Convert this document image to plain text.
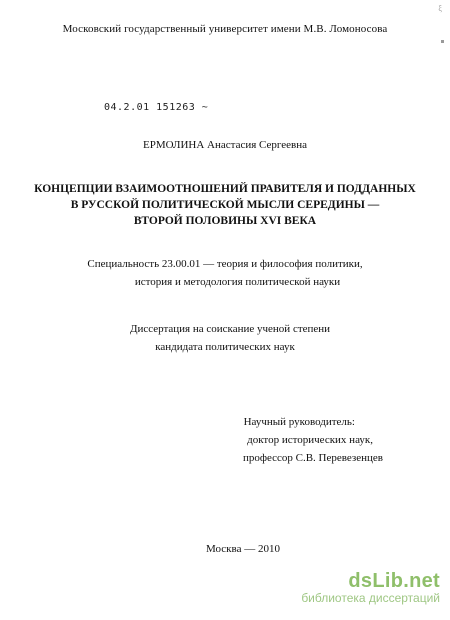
ξ
Московский государственный университет имени М.В. Ломоносова
04.2.01 151263 ~
ЕРМОЛИНА Анастасия Сергеевна
КОНЦЕПЦИИ ВЗАИМООТНОШЕНИЙ ПРАВИТЕЛЯ И ПОДДАННЫХ
В РУССКОЙ ПОЛИТИЧЕСКОЙ МЫСЛИ СЕРЕДИНЫ —
ВТОРОЙ ПОЛОВИНЫ XVI ВЕКА
Специальность 23.00.01 — теория и философия политики,
история и методология политической науки
Диссертация на соискание ученой степени
кандидата политических наук
Научный руководитель:
доктор исторических наук,
профессор С.В. Перевезенцев
Москва — 2010
dsLib.net
библиотека диссертаций
